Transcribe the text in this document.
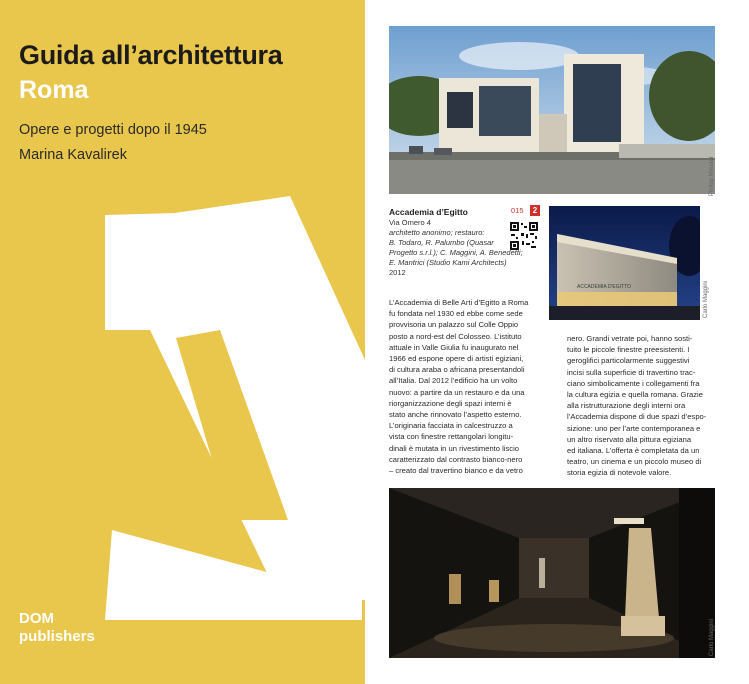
Guida all’architettura
Roma
Opere e progetti dopo il 1945
Marina Kavalirek
DOM
publishers
Philipp Meuser
Accademia d’Egitto	015	2
Via Omero 4
architetto anonimo; restauro:
B. Todaro, R. Palumbo (Quasar
Progetto s.r.l.); C. Maggini, A. Benedetti;
E. Mantrici (Studio Kami Architects)
2012
ACCADEMIA D'EGITTO	Carlo Maggini
L’Accademia di Belle Arti d’Egitto a Roma
fu fondata nel 1930 ed ebbe come sede
provvisoria un palazzo sul Colle Oppio
posto a nord-est del Colosseo. L’istituto
attuale in Valle Giulia fu inaugurato nel
1966 ed espone opere di artisti egiziani,
di cultura araba o africana presentandoli
all’Italia. Dal 2012 l’edificio ha un volto
nuovo: a partire da un restauro e da una
riorganizzazione degli spazi interni è
stato anche rinnovato l’aspetto esterno.
L’originaria facciata in calcestruzzo a
vista con finestre rettangolari longitu-
dinali è mutata in un rivestimento liscio
caratterizzato dal contrasto bianco-nero
– creato dal travertino bianco e da vetro
nero. Grandi vetrate poi, hanno sosti-
tuito le piccole finestre preesistenti. I
geroglifici particolarmente suggestivi
incisi sulla superficie di travertino trac-
ciano simbolicamente i collegamenti fra
la cultura egizia e quella romana. Grazie
alla ristrutturazione degli interni ora
l’Accademia dispone di due spazi d’espo-
sizione: uno per l’arte contemporanea e
un altro riservato alla pittura egiziana
ed italiana. L’offerta è completata da un
teatro, un cinema e un piccolo museo di
storia egizia di notevole valore.
Carlo Maggini
